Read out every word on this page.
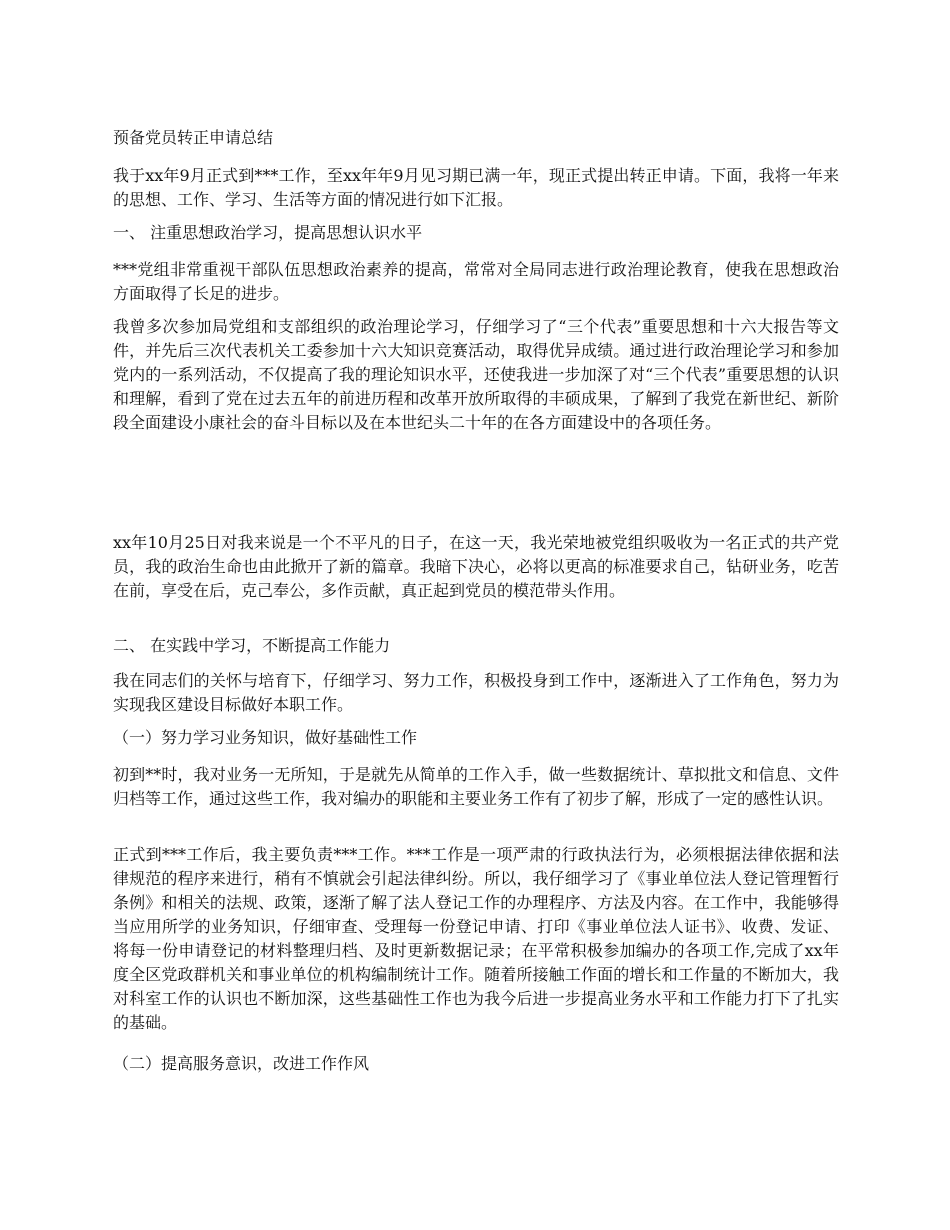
预备党员转正申请总结

我于xx年9月正式到***工作，至xx年年9月见习期已满一年，现正式提出转正申请。下面，我将一年来的思想、工作、学习、生活等方面的情况进行如下汇报。

一、 注重思想政治学习，提高思想认识水平

***党组非常重视干部队伍思想政治素养的提高，常常对全局同志进行政治理论教育，使我在思想政治方面取得了长足的进步。

我曾多次参加局党组和支部组织的政治理论学习，仔细学习了“三个代表”重要思想和十六大报告等文件，并先后三次代表机关工委参加十六大知识竞赛活动，取得优异成绩。通过进行政治理论学习和参加党内的一系列活动，不仅提高了我的理论知识水平，还使我进一步加深了对“三个代表”重要思想的认识和理解，看到了党在过去五年的前进历程和改革开放所取得的丰硕成果，了解到了我党在新世纪、新阶段全面建设小康社会的奋斗目标以及在本世纪头二十年的在各方面建设中的各项任务。

xx年10月25日对我来说是一个不平凡的日子，在这一天，我光荣地被党组织吸收为一名正式的共产党员，我的政治生命也由此掀开了新的篇章。我暗下决心，必将以更高的标准要求自己，钻研业务，吃苦在前，享受在后，克己奉公，多作贡献，真正起到党员的模范带头作用。

二、 在实践中学习，不断提高工作能力

我在同志们的关怀与培育下，仔细学习、努力工作，积极投身到工作中，逐渐进入了工作角色，努力为实现我区建设目标做好本职工作。

（一）努力学习业务知识，做好基础性工作

初到**时，我对业务一无所知，于是就先从简单的工作入手，做一些数据统计、草拟批文和信息、文件归档等工作，通过这些工作，我对编办的职能和主要业务工作有了初步了解，形成了一定的感性认识。

正式到***工作后，我主要负责***工作。***工作是一项严肃的行政执法行为，必须根据法律依据和法律规范的程序来进行，稍有不慎就会引起法律纠纷。所以，我仔细学习了《事业单位法人登记管理暂行条例》和相关的法规、政策，逐渐了解了法人登记工作的办理程序、方法及内容。在工作中，我能够得当应用所学的业务知识，仔细审查、受理每一份登记申请、打印《事业单位法人证书》、收费、发证、将每一份申请登记的材料整理归档、及时更新数据记录；在平常积极参加编办的各项工作,完成了xx年度全区党政群机关和事业单位的机构编制统计工作。随着所接触工作面的增长和工作量的不断加大，我对科室工作的认识也不断加深，这些基础性工作也为我今后进一步提高业务水平和工作能力打下了扎实的基础。

（二）提高服务意识，改进工作作风
